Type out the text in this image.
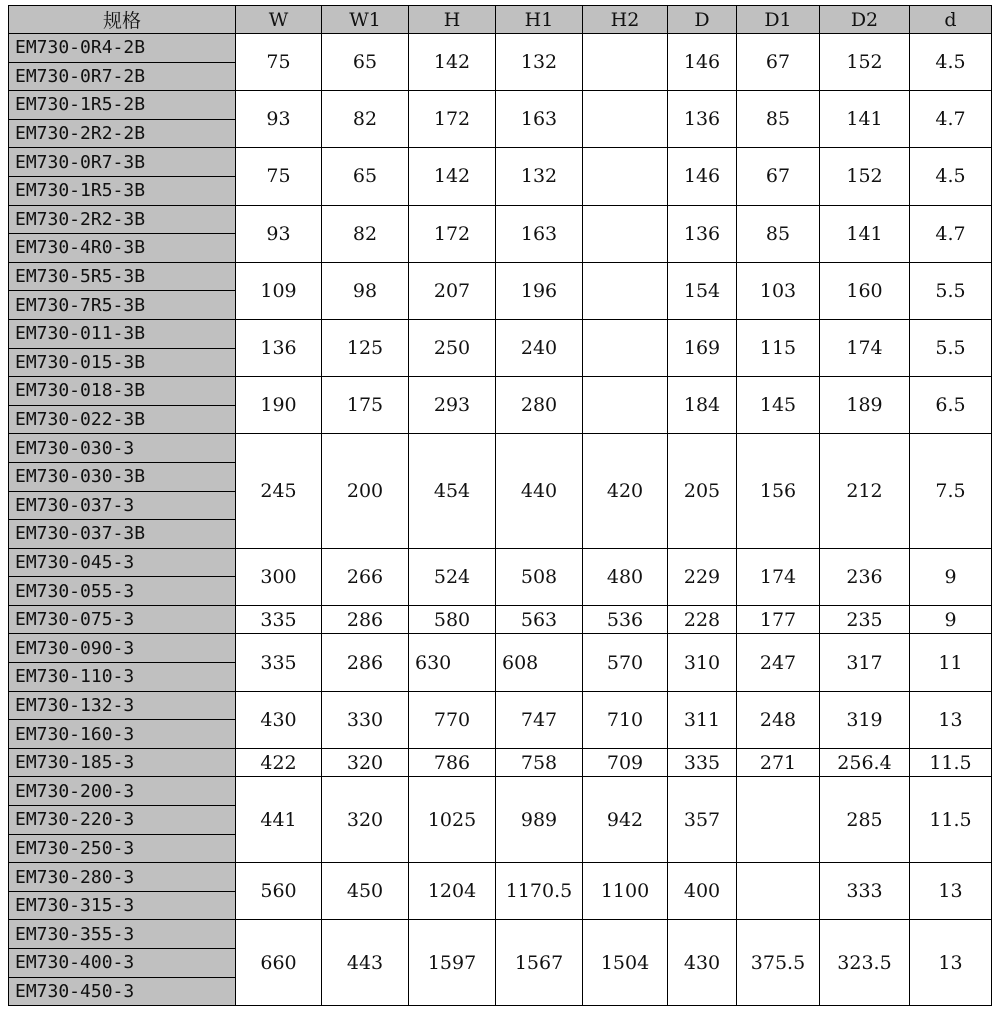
规格	W	W1	H	H1	H2	D	D1	D2	d
EM730-0R4-2B	75	65	142	132		146	67	152	4.5
EM730-0R7-2B									
EM730-1R5-2B	93	82	172	163		136	85	141	4.7
EM730-2R2-2B									
EM730-0R7-3B	75	65	142	132		146	67	152	4.5
EM730-1R5-3B									
EM730-2R2-3B	93	82	172	163		136	85	141	4.7
EM730-4R0-3B									
EM730-5R5-3B	109	98	207	196		154	103	160	5.5
EM730-7R5-3B									
EM730-011-3B	136	125	250	240		169	115	174	5.5
EM730-015-3B									
EM730-018-3B	190	175	293	280		184	145	189	6.5
EM730-022-3B									
EM730-030-3	245	200	454	440	420	205	156	212	7.5
EM730-030-3B									
EM730-037-3									
EM730-037-3B									
EM730-045-3	300	266	524	508	480	229	174	236	9
EM730-055-3									
EM730-075-3	335	286	580	563	536	228	177	235	9
EM730-090-3	335	286	630	608	570	310	247	317	11
EM730-110-3									
EM730-132-3	430	330	770	747	710	311	248	319	13
EM730-160-3									
EM730-185-3	422	320	786	758	709	335	271	256.4	11.5
EM730-200-3	441	320	1025	989	942	357		285	11.5
EM730-220-3									
EM730-250-3									
EM730-280-3	560	450	1204	1170.5	1100	400		333	13
EM730-315-3									
EM730-355-3	660	443	1597	1567	1504	430	375.5	323.5	13
EM730-400-3									
EM730-450-3									
